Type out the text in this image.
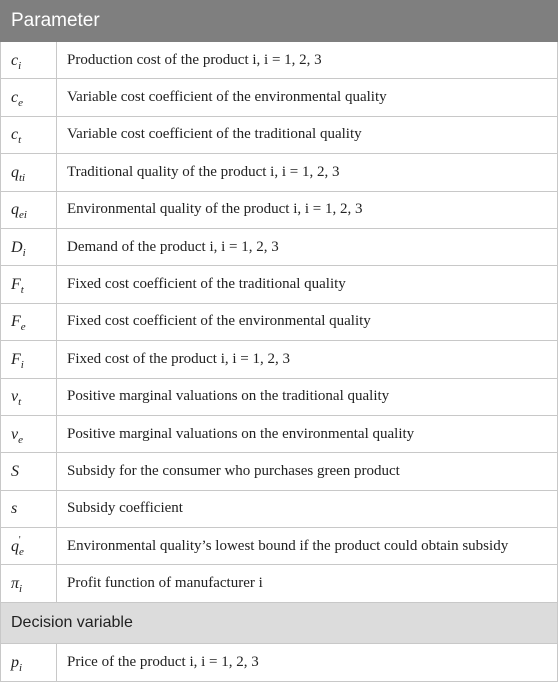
Parameter	
$c_i$	Production cost of the product i, i = 1, 2, 3
$c_e$	Variable cost coefficient of the environmental quality
$c_t$	Variable cost coefficient of the traditional quality
$q_{ti}$	Traditional quality of the product i, i = 1, 2, 3
$q_{ei}$	Environmental quality of the product i, i = 1, 2, 3
$D_i$	Demand of the product i, i = 1, 2, 3
$F_t$	Fixed cost coefficient of the traditional quality
$F_e$	Fixed cost coefficient of the environmental quality
$F_i$	Fixed cost of the product i, i = 1, 2, 3
$v_t$	Positive marginal valuations on the traditional quality
$v_e$	Positive marginal valuations on the environmental quality
S	Subsidy for the consumer who purchases green product
s	Subsidy coefficient
$q_e'$	Environmental quality’s lowest bound if the product could obtain subsidy
$\pi_i$	Profit function of manufacturer i
Decision variable	
$p_i$	Price of the product i, i = 1, 2, 3
